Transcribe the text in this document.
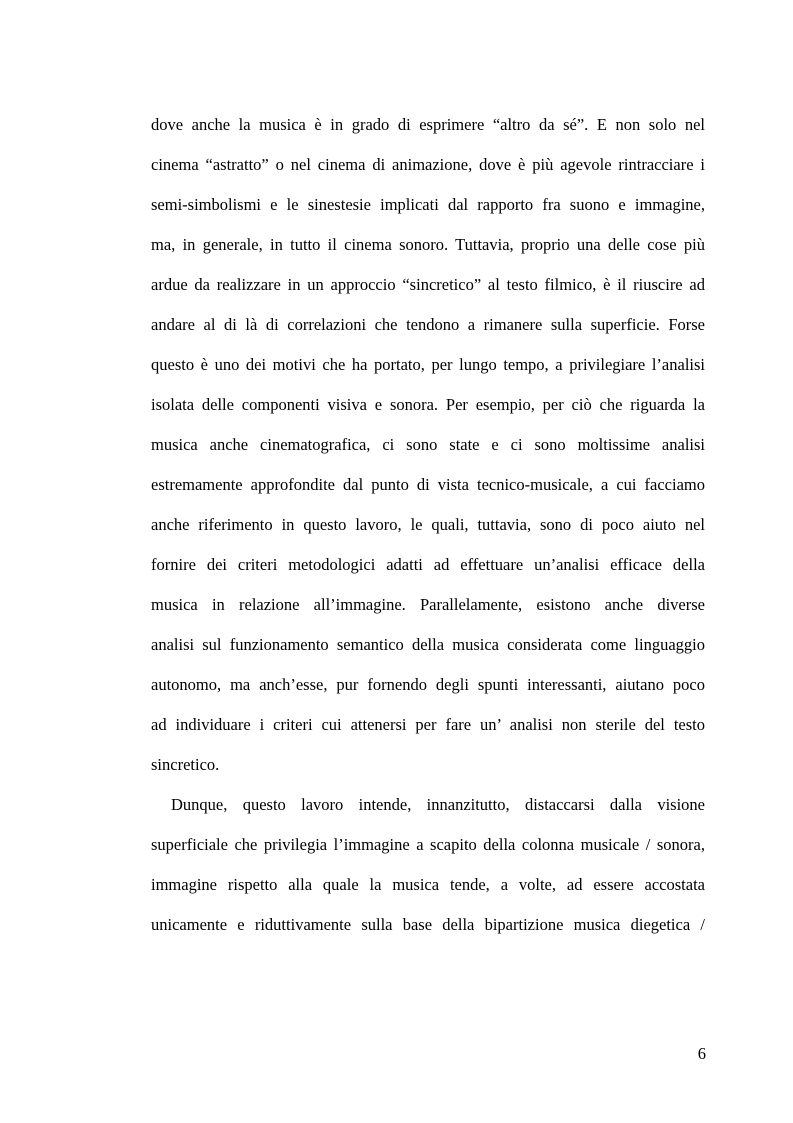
dove anche la musica è in grado di esprimere “altro da sé”. E non solo nel
cinema “astratto” o nel cinema di animazione, dove è più agevole rintracciare i
semi-simbolismi e le sinestesie implicati dal rapporto fra suono e immagine,
ma, in generale, in tutto il cinema sonoro. Tuttavia, proprio una delle cose più
ardue da realizzare in un approccio “sincretico” al testo filmico, è il riuscire ad
andare al di là di correlazioni che tendono a rimanere sulla superficie. Forse
questo è uno dei motivi che ha portato, per lungo tempo, a privilegiare l’analisi
isolata delle componenti visiva e sonora. Per esempio, per ciò che riguarda la
musica anche cinematografica, ci sono state e ci sono moltissime analisi
estremamente approfondite dal punto di vista tecnico-musicale, a cui facciamo
anche riferimento in questo lavoro, le quali, tuttavia, sono di poco aiuto nel
fornire dei criteri metodologici adatti ad effettuare un’analisi efficace della
musica in relazione all’immagine. Parallelamente, esistono anche diverse
analisi sul funzionamento semantico della musica considerata come linguaggio
autonomo, ma anch’esse, pur fornendo degli spunti interessanti, aiutano poco
ad individuare i criteri cui attenersi per fare un’ analisi non sterile del testo
sincretico.
Dunque, questo lavoro intende, innanzitutto, distaccarsi dalla visione
superficiale che privilegia l’immagine a scapito della colonna musicale / sonora,
immagine rispetto alla quale la musica tende, a volte, ad essere accostata
unicamente e riduttivamente sulla base della bipartizione musica diegetica /
6
